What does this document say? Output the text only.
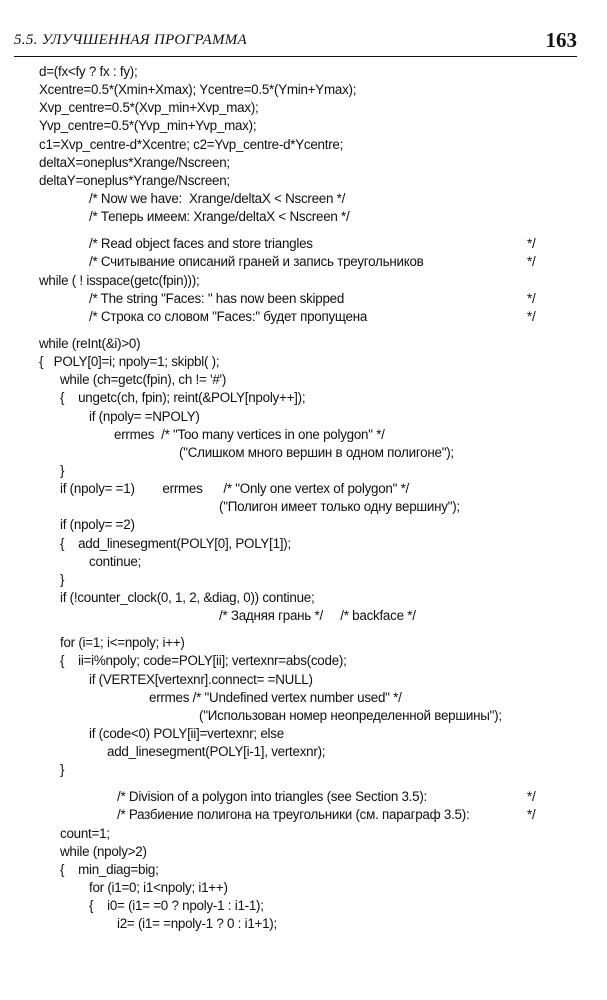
5.5. УЛУЧШЕННАЯ ПРОГРАММА	163
d=(fx<fy ? fx : fy);
Xcentre=0.5*(Xmin+Xmax); Ycentre=0.5*(Ymin+Ymax);
Xvp_centre=0.5*(Xvp_min+Xvp_max);
Yvp_centre=0.5*(Yvp_min+Yvp_max);
c1=Xvp_centre-d*Xcentre; c2=Yvp_centre-d*Ycentre;
deltaX=oneplus*Xrange/Nscreen;
deltaY=oneplus*Yrange/Nscreen;
/* Now we have:  Xrange/deltaX < Nscreen */
/* Теперь имеем: Xrange/deltaX < Nscreen */
/* Read object faces and store triangles	*/
/* Считывание описаний граней и запись треугольников	*/
while ( ! isspace(getc(fpin)));
/* The string "Faces: " has now been skipped	*/
/* Строка со словом "Faces:" будет пропущена	*/
while (reInt(&i)>0)
{   POLY[0]=i; npoly=1; skipbl( );
while (ch=getc(fpin), ch != '#')
{    ungetc(ch, fpin); reint(&POLY[npoly++]);
if (npoly= =NPOLY)
errmes  /* "Too many vertices in one polygon" */
("Слишком много вершин в одном полигоне");
}
if (npoly= =1)        errmes      /* "Only one vertex of polygon" */
("Полигон имеет только одну вершину");
if (npoly= =2)
{    add_linesegment(POLY[0], POLY[1]);
continue;
}
if (!counter_clock(0, 1, 2, &diag, 0)) continue;
/* Задняя грань */     /* backface */
for (i=1; i<=npoly; i++)
{    ii=i%npoly; code=POLY[ii]; vertexnr=abs(code);
if (VERTEX[vertexnr].connect= =NULL)
errmes /* "Undefined vertex number used" */
("Использован номер неопределенной вершины");
if (code<0) POLY[ii]=vertexnr; else
add_linesegment(POLY[i-1], vertexnr);
}
/* Division of a polygon into triangles (see Section 3.5):	*/
/* Разбиение полигона на треугольники (см. параграф 3.5):	*/
count=1;
while (npoly>2)
{    min_diag=big;
for (i1=0; i1<npoly; i1++)
{    i0= (i1= =0 ? npoly-1 : i1-1);
i2= (i1= =npoly-1 ? 0 : i1+1);
